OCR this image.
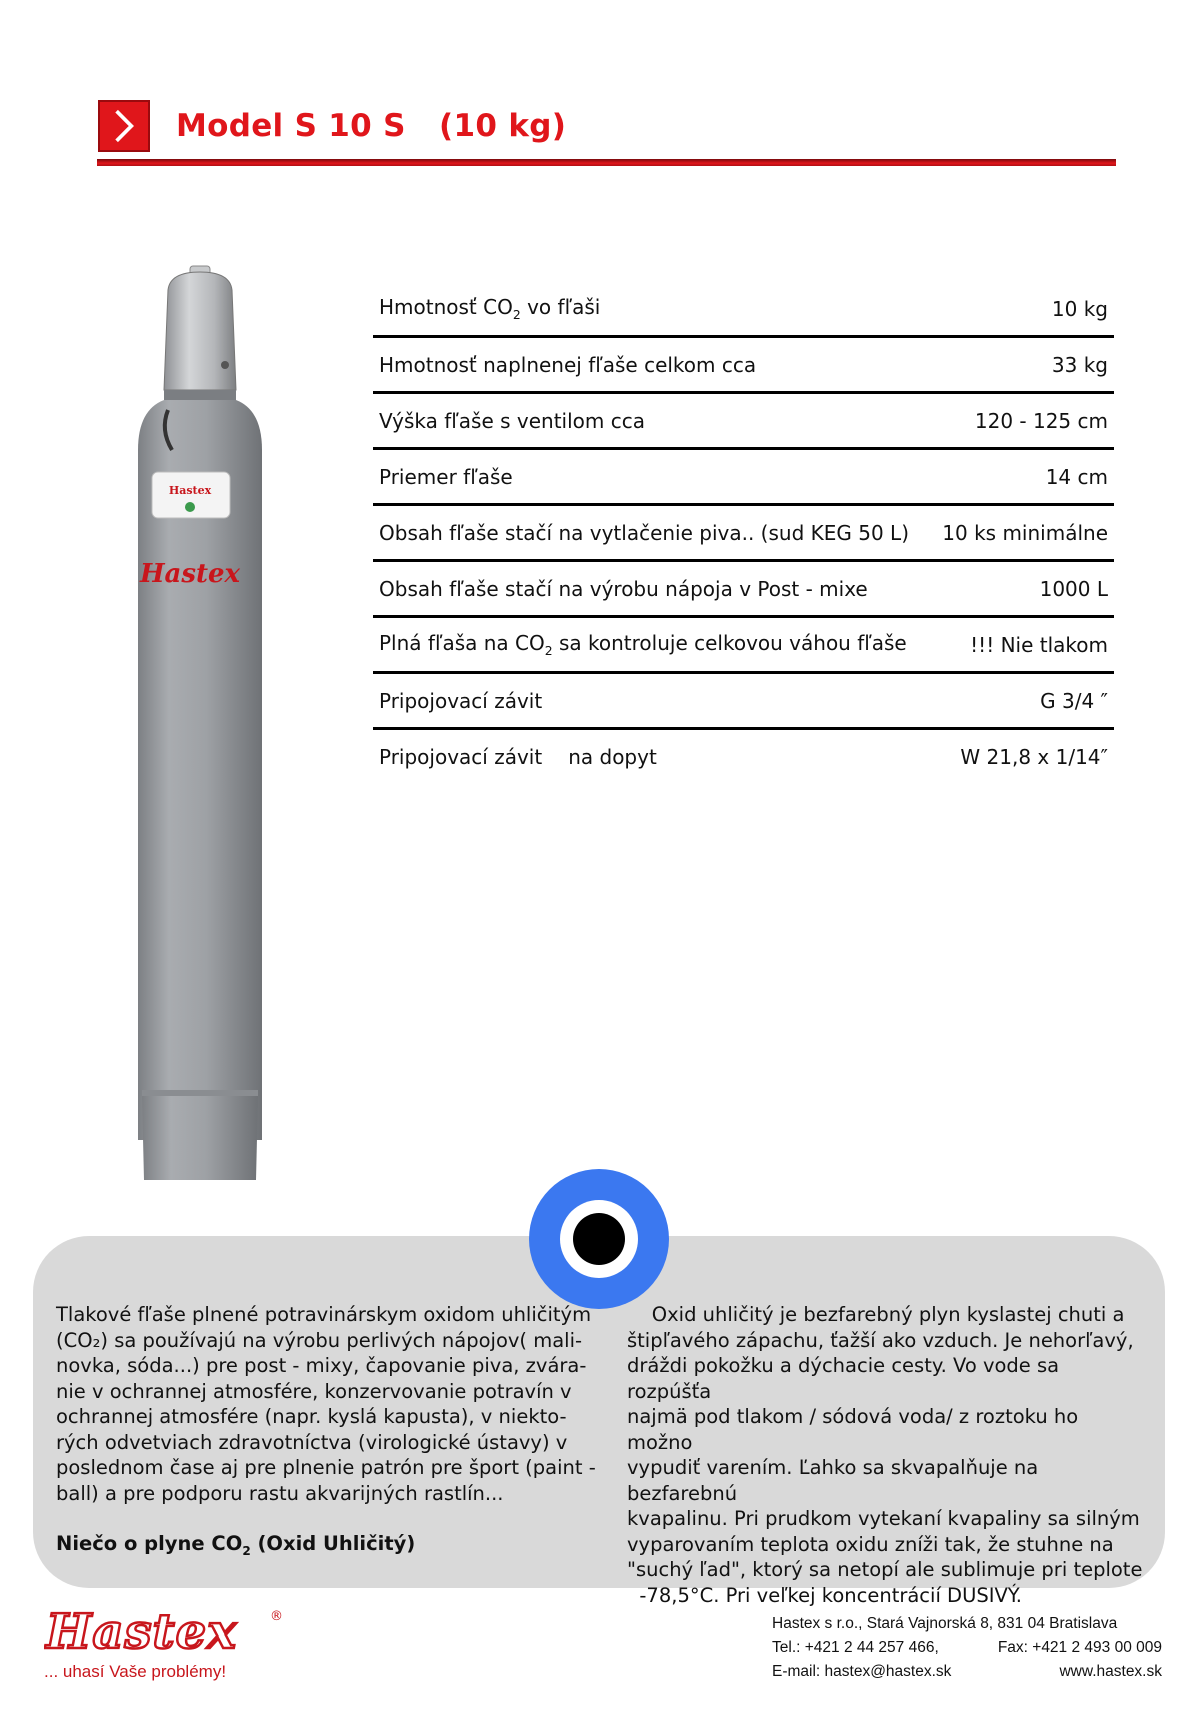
Model S 10 S   (10 kg)
Hastex
Hastex
Hmotnosť $CO_2$ vo fľaši	10 kg
Hmotnosť naplnenej fľaše celkom cca	33 kg
Výška fľaše s ventilom cca	120 - 125 cm
Priemer fľaše	14 cm
Obsah fľaše stačí na vytlačenie piva.. (sud KEG 50 L)	10 ks minimálne
Obsah fľaše stačí na výrobu nápoja v Post - mixe	1000 L
Plná fľaša na $CO_2$ sa kontroluje celkovou váhou fľaše	!!! Nie tlakom
Pripojovací závit	G 3/4 ″
Pripojovací závit na dopyt	W 21,8 x 1/14″
Tlakové fľaše plnené potravinárskym oxidom uhličitým
(CO₂) sa používajú na výrobu perlivých nápojov( mali-
novka, sóda...) pre post - mixy, čapovanie piva, zvára-
nie v ochrannej atmosfére, konzervovanie potravín v
ochrannej atmosfére (napr. kyslá kapusta), v niekto-
rých odvetviach zdravotníctva (virologické ústavy) v
poslednom čase aj pre plnenie patrón pre šport (paint -
ball) a pre podporu rastu akvarijných rastlín...
Niečo o plyne $CO_2$ (Oxid Uhličitý)
Oxid uhličitý je bezfarebný plyn kyslastej chuti a
štipľavého zápachu, ťažší ako vzduch. Je nehorľavý,
dráždi pokožku a dýchacie cesty. Vo vode sa rozpúšťa
najmä pod tlakom / sódová voda/ z roztoku ho možno
vypudiť varením. Ľahko sa skvapalňuje na bezfarebnú
kvapalinu. Pri prudkom vytekaní kvapaliny sa silným
vyparovaním teplota oxidu zníži tak, že stuhne na
"suchý ľad", ktorý sa netopí ale sublimuje pri teplote
-78,5°C. Pri veľkej koncentrácií DUSIVÝ.
Hastex	®
... uhasí Vaše problémy!
Hastex s r.o., Stará Vajnorská 8, 831 04 Bratislava
Tel.: +421 2 44 257 466,	Fax: +421 2 493 00 009
E-mail: hastex@hastex.sk	www.hastex.sk
